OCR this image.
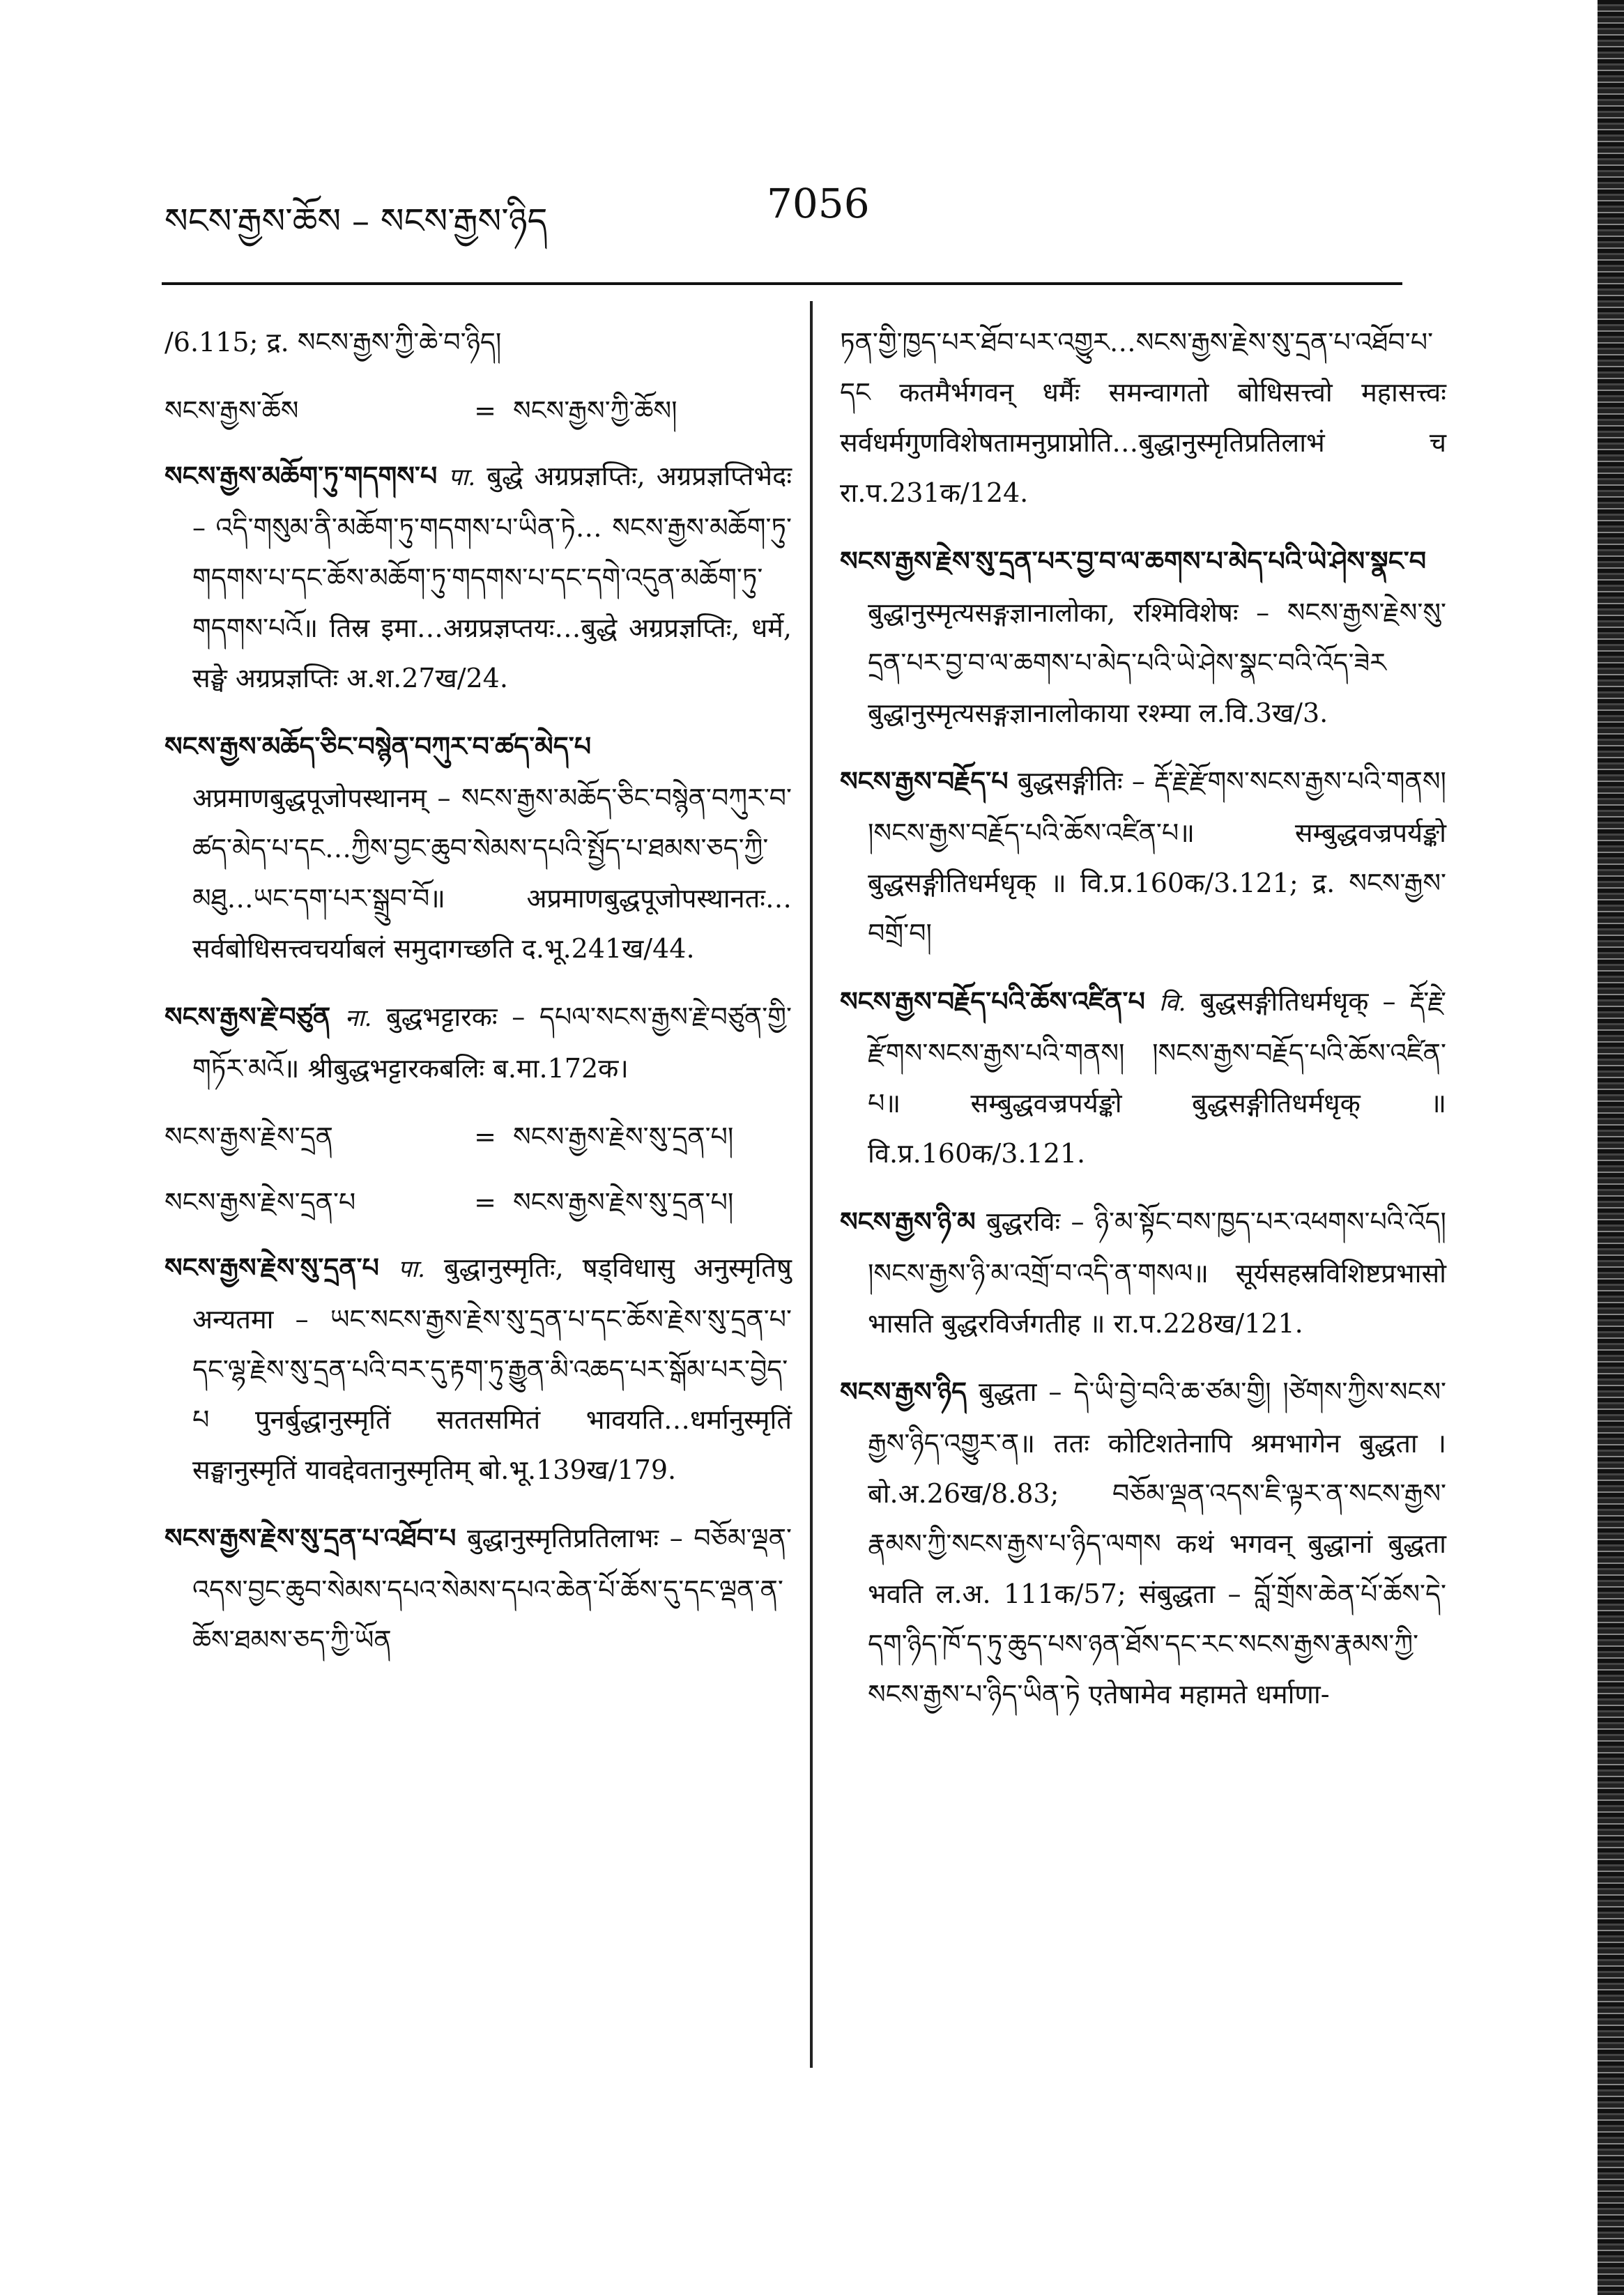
སངས་རྒྱས་ཆོས – སངས་རྒྱས་ཉིད	7056

/6.115; द्र. སངས་རྒྱས་ཀྱི་ཆེ་བ་ཉིད།

སངས་རྒྱས་ཆོས	= སངས་རྒྱས་ཀྱི་ཆོས།

སངས་རྒྱས་མཆོག་ཏུ་གདགས་པ पा. बुद्धे अग्रप्रज्ञप्तिः, अग्रप्रज्ञप्तिभेदः – འདི་གསུམ་ནི་མཆོག་ཏུ་གདགས་པ་ཡིན་ཏེ… སངས་རྒྱས་མཆོག་ཏུ་གདགས་པ་དང་ཆོས་མཆོག་ཏུ་གདགས་པ་དང་དགེ་འདུན་མཆོག་ཏུ་གདགས་པའོ॥ तिस्र इमा…अग्रप्रज्ञप्तयः…बुद्धे अग्रप्रज्ञप्तिः, धर्मे, सङ्घे अग्रप्रज्ञप्तिः अ.श.27ख/24.

སངས་རྒྱས་མཆོད་ཅིང་བསྙེན་བཀུར་བ་ཚད་མེད་པ अप्रमाणबुद्धपूजोपस्थानम् – སངས་རྒྱས་མཆོད་ཅིང་བསྙེན་བཀུར་བ་ཚད་མེད་པ་དང…ཀྱིས་བྱང་ཆུབ་སེམས་དཔའི་སྤྱོད་པ་ཐམས་ཅད་ཀྱི་མཐུ…ཡང་དག་པར་སྒྲུབ་བོ॥ अप्रमाणबुद्धपूजोपस्थानतः…सर्वबोधिसत्त्वचर्याबलं समुदागच्छति द.भू.241ख/44.

སངས་རྒྱས་རྗེ་བཙུན ना. बुद्धभट्टारकः – དཔལ་སངས་རྒྱས་རྗེ་བཙུན་གྱི་གཏོར་མའོ॥ श्रीबुद्धभट्टारकबलिः ब.मा.172क।

སངས་རྒྱས་རྗེས་དྲན	= སངས་རྒྱས་རྗེས་སུ་དྲན་པ།
སངས་རྒྱས་རྗེས་དྲན་པ	= སངས་རྒྱས་རྗེས་སུ་དྲན་པ།

སངས་རྒྱས་རྗེས་སུ་དྲན་པ पा. बुद्धानुस्मृतिः, षड्विधासु अनुस्मृतिषु अन्यतमा – ཡང་སངས་རྒྱས་རྗེས་སུ་དྲན་པ་དང་ཆོས་རྗེས་སུ་དྲན་པ་དང་ལྷ་རྗེས་སུ་དྲན་པའི་བར་དུ་རྟག་ཏུ་རྒྱུན་མི་འཆད་པར་སྒོམ་པར་བྱེད་པ पुनर्बुद्धानुस्मृतिं सततसमितं भावयति…धर्मानुस्मृतिं सङ्घानुस्मृतिं यावद्देवतानुस्मृतिम् बो.भू.139ख/179.

སངས་རྒྱས་རྗེས་སུ་དྲན་པ་འཐོབ་པ बुद्धानुस्मृतिप्रतिलाभः – བཅོམ་ལྡན་འདས་བྱང་ཆུབ་སེམས་དཔའ་སེམས་དཔའ་ཆེན་པོ་ཆོས་དུ་དང་ལྡན་ན་ཆོས་ཐམས་ཅད་ཀྱི་ཡོན

ཏན་གྱི་ཁྱད་པར་ཐོབ་པར་འགྱུར…སངས་རྒྱས་རྗེས་སུ་དྲན་པ་འཐོབ་པ་དང कतमैर्भगवन् धर्मैः समन्वागतो बोधिसत्त्वो महासत्त्वः सर्वधर्मगुणविशेषतामनुप्राप्नोति…बुद्धानुस्मृतिप्रतिलाभं च रा.प.231क/124.

སངས་རྒྱས་རྗེས་སུ་དྲན་པར་བྱ་བ་ལ་ཆགས་པ་མེད་པའི་ཡེ་ཤེས་སྣང་བ बुद्धानुस्मृत्यसङ्गज्ञानालोका, रश्मिविशेषः – སངས་རྒྱས་རྗེས་སུ་དྲན་པར་བྱ་བ་ལ་ཆགས་པ་མེད་པའི་ཡེ་ཤེས་སྣང་བའི་འོད་ཟེར बुद्धानुस्मृत्यसङ्गज्ञानालोकाया रश्म्या ल.वि.3ख/3.

སངས་རྒྱས་བརྗོད་པ बुद्धसङ्गीतिः – རྡོ་རྗེ་རྫོགས་སངས་རྒྱས་པའི་གནས། །སངས་རྒྱས་བརྗོད་པའི་ཆོས་འཛིན་པ॥ सम्बुद्धवज्रपर्यङ्को बुद्धसङ्गीतिधर्मधृक् ॥ वि.प्र.160क/3.121; द्र. སངས་རྒྱས་བགྲོ་བ།

སངས་རྒྱས་བརྗོད་པའི་ཆོས་འཛིན་པ वि. बुद्धसङ्गीतिधर्मधृक् – རྡོ་རྗེ་རྫོགས་སངས་རྒྱས་པའི་གནས། །སངས་རྒྱས་བརྗོད་པའི་ཆོས་འཛིན་པ॥ सम्बुद्धवज्रपर्यङ्को बुद्धसङ्गीतिधर्मधृक् ॥ वि.प्र.160क/3.121.

སངས་རྒྱས་ཉི་མ बुद्धरविः – ཉི་མ་སྟོང་བས་ཁྱད་པར་འཕགས་པའི་འོད། །སངས་རྒྱས་ཉི་མ་འགྲོ་བ་འདི་ན་གསལ॥ सूर्यसहस्रविशिष्टप्रभासो भासति बुद्धरविर्जगतीह ॥ रा.प.228ख/121.

སངས་རྒྱས་ཉིད बुद्धता – དེ་ཡི་བྱེ་བའི་ཆ་ཙམ་གྱི། །ཙེགས་ཀྱིས་སངས་རྒྱས་ཉིད་འགྱུར་ན॥ ततः कोटिशतेनापि श्रमभागेन बुद्धता । बो.अ.26ख/8.83; བཅོམ་ལྡན་འདས་ཇི་ལྟར་ན་སངས་རྒྱས་རྣམས་ཀྱི་སངས་རྒྱས་པ་ཉིད་ལགས कथं भगवन् बुद्धानां बुद्धता भवति ल.अ. 111क/57; संबुद्धता – བློ་གྲོས་ཆེན་པོ་ཆོས་དེ་དག་ཉིད་ཁོ་ད་ཏུ་ཆུད་པས་ཉན་ཐོས་དང་རང་སངས་རྒྱས་རྣམས་ཀྱི་སངས་རྒྱས་པ་ཉིད་ཡིན་ཏེ एतेषामेव महामते धर्माणा-
